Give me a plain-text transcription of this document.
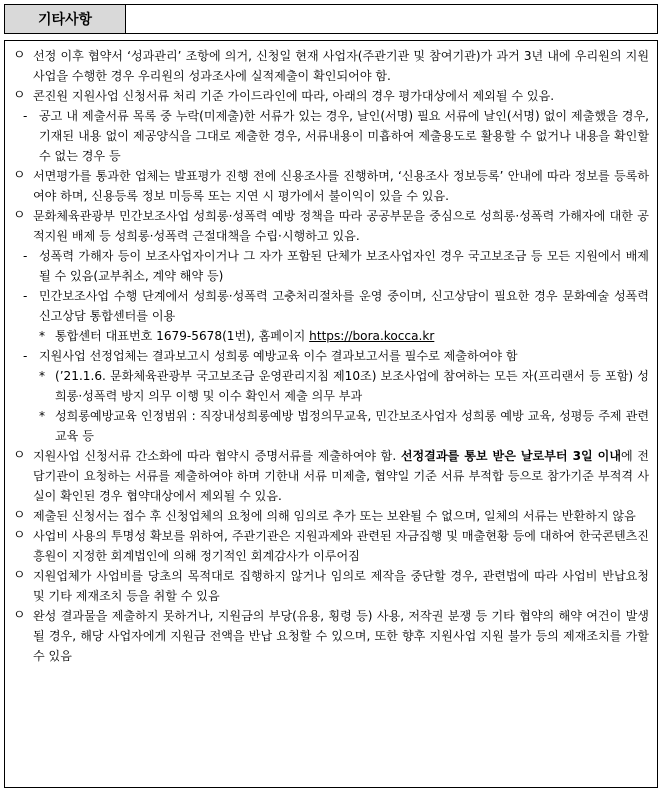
기타사항
ㅇ 선정 이후 협약서 ‘성과관리’ 조항에 의거, 신청일 현재 사업자(주관기관 및 참여기관)가 과거 3년 내에 우리원의 지원사업을 수행한 경우 우리원의 성과조사에 실적제출이 확인되어야 함.
ㅇ 콘진원 지원사업 신청서류 처리 기준 가이드라인에 따라, 아래의 경우 평가대상에서 제외될 수 있음.
- 공고 내 제출서류 목록 중 누락(미제출)한 서류가 있는 경우, 날인(서명) 필요 서류에 날인(서명) 없이 제출했을 경우, 기재된 내용 없이 제공양식을 그대로 제출한 경우, 서류내용이 미흡하여 제출용도로 활용할 수 없거나 내용을 확인할 수 없는 경우 등
ㅇ 서면평가를 통과한 업체는 발표평가 진행 전에 신용조사를 진행하며, ‘신용조사 정보등록’ 안내에 따라 정보를 등록하여야 하며, 신용등록 정보 미등록 또는 지연 시 평가에서 불이익이 있을 수 있음.
ㅇ 문화체육관광부 민간보조사업 성희롱·성폭력 예방 정책을 따라 공공부문을 중심으로 성희롱·성폭력 가해자에 대한 공적지원 배제 등 성희롱·성폭력 근절대책을 수립·시행하고 있음.
- 성폭력 가해자 등이 보조사업자이거나 그 자가 포함된 단체가 보조사업자인 경우 국고보조금 등 모든 지원에서 배제될 수 있음(교부취소, 계약 해약 등)
- 민간보조사업 수행 단계에서 성희롱·성폭력 고충처리절차를 운영 중이며, 신고상담이 필요한 경우 문화예술 성폭력 신고상담 통합센터를 이용
* 통합센터 대표번호 1679-5678(1번), 홈페이지 https://bora.kocca.kr
- 지원사업 선정업체는 결과보고시 성희롱 예방교육 이수 결과보고서를 필수로 제출하여야 함
* (’21.1.6. 문화체육관광부 국고보조금 운영관리지침 제10조) 보조사업에 참여하는 모든 자(프리랜서 등 포함) 성희롱·성폭력 방지 의무 이행 및 이수 확인서 제출 의무 부과
* 성희롱예방교육 인정범위 : 직장내성희롱예방 법정의무교육, 민간보조사업자 성희롱 예방 교육, 성평등 주제 관련 교육 등
ㅇ 지원사업 신청서류 간소화에 따라 협약시 증명서류를 제출하여야 함. 선정결과를 통보 받은 날로부터 3일 이내에 전담기관이 요청하는 서류를 제출하여야 하며 기한내 서류 미제출, 협약일 기준 서류 부적합 등으로 참가기준 부적격 사실이 확인된 경우 협약대상에서 제외될 수 있음.
ㅇ 제출된 신청서는 접수 후 신청업체의 요청에 의해 임의로 추가 또는 보완될 수 없으며, 일체의 서류는 반환하지 않음
ㅇ 사업비 사용의 투명성 확보를 위하여, 주관기관은 지원과제와 관련된 자금집행 및 매출현황 등에 대하여 한국콘텐츠진흥원이 지정한 회계법인에 의해 정기적인 회계감사가 이루어짐
ㅇ 지원업체가 사업비를 당초의 목적대로 집행하지 않거나 임의로 제작을 중단할 경우, 관련법에 따라 사업비 반납요청 및 기타 제재조치 등을 취할 수 있음
ㅇ 완성 결과물을 제출하지 못하거나, 지원금의 부당(유용, 횡령 등) 사용, 저작권 분쟁 등 기타 협약의 해약 여건이 발생될 경우, 해당 사업자에게 지원금 전액을 반납 요청할 수 있으며, 또한 향후 지원사업 지원 불가 등의 제재조치를 가할 수 있음
